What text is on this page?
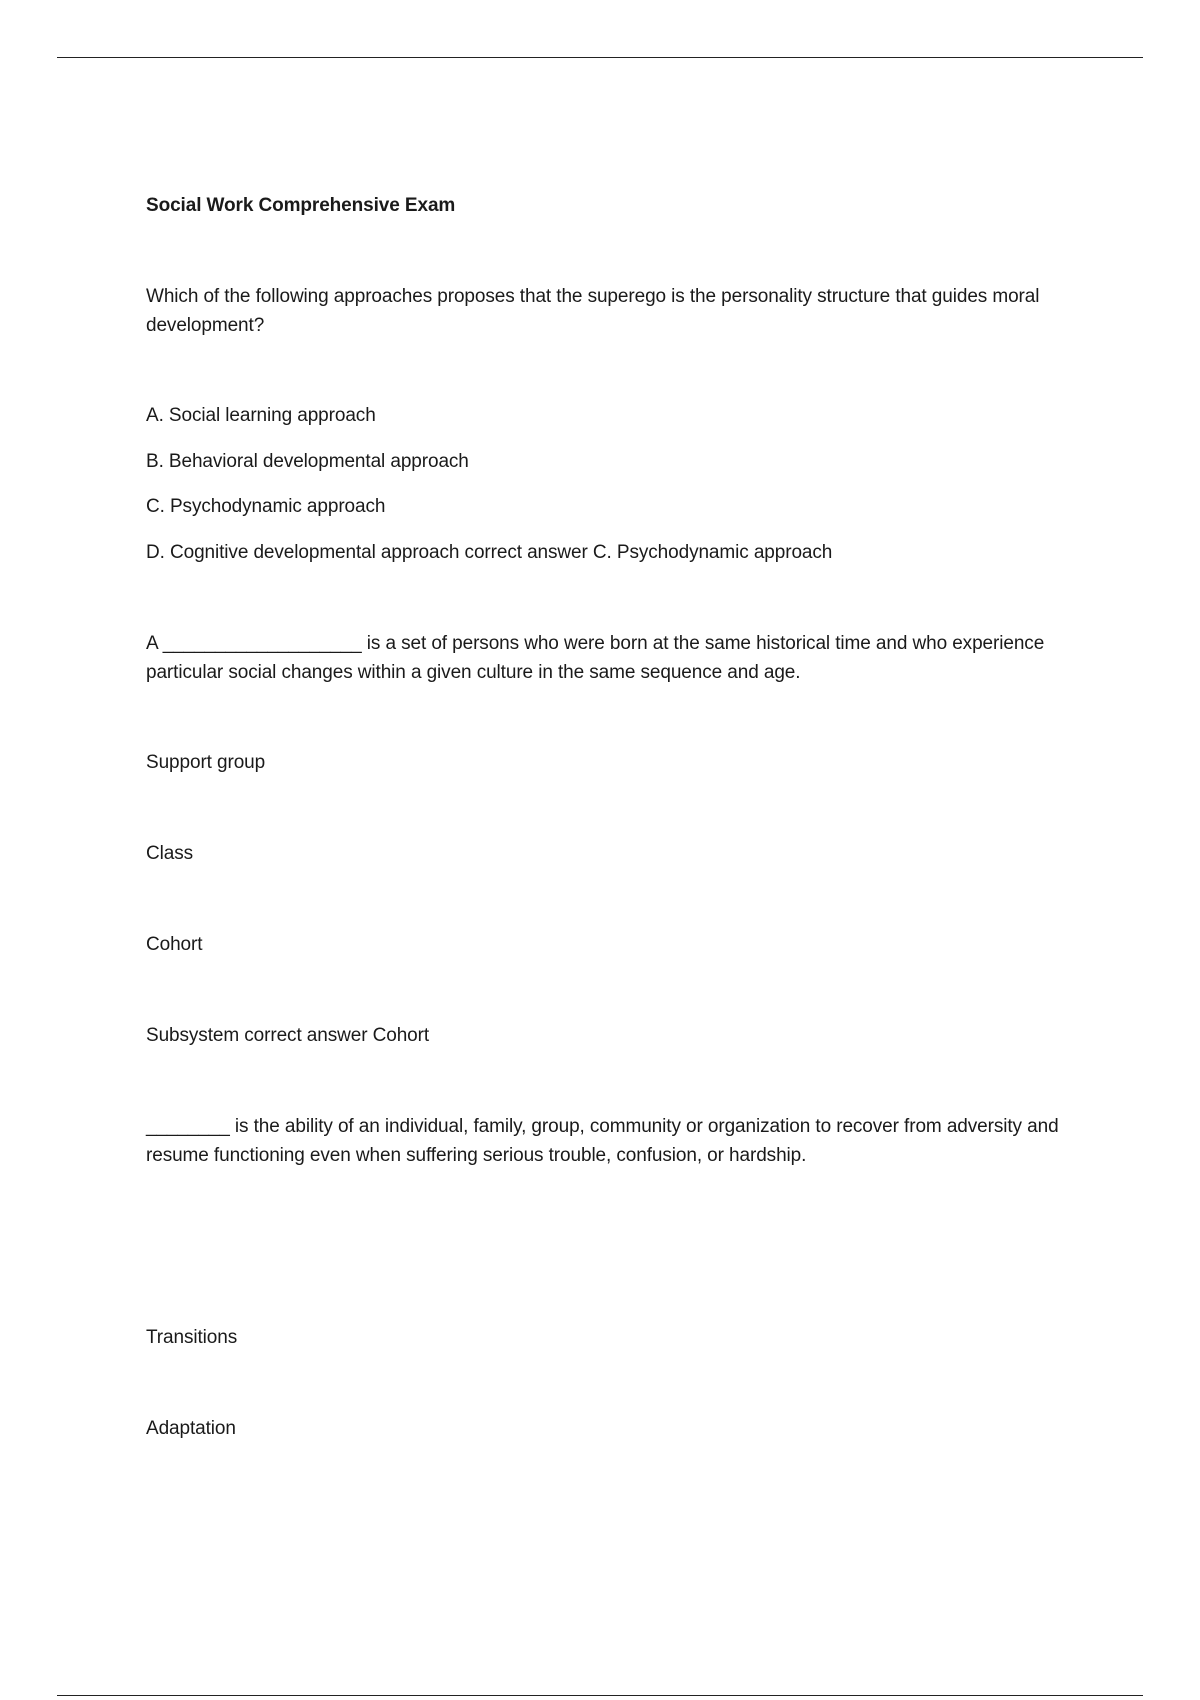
Social Work Comprehensive Exam
Which of the following approaches proposes that the superego is the personality structure that guides moral development?
A. Social learning approach
B. Behavioral developmental approach
C. Psychodynamic approach
D. Cognitive developmental approach correct answer C. Psychodynamic approach
A ___________________ is a set of persons who were born at the same historical time and who experience particular social changes within a given culture in the same sequence and age.
Support group
Class
Cohort
Subsystem correct answer Cohort
________ is the ability of an individual, family, group, community or organization to recover from adversity and resume functioning even when suffering serious trouble, confusion, or hardship.
Transitions
Adaptation
